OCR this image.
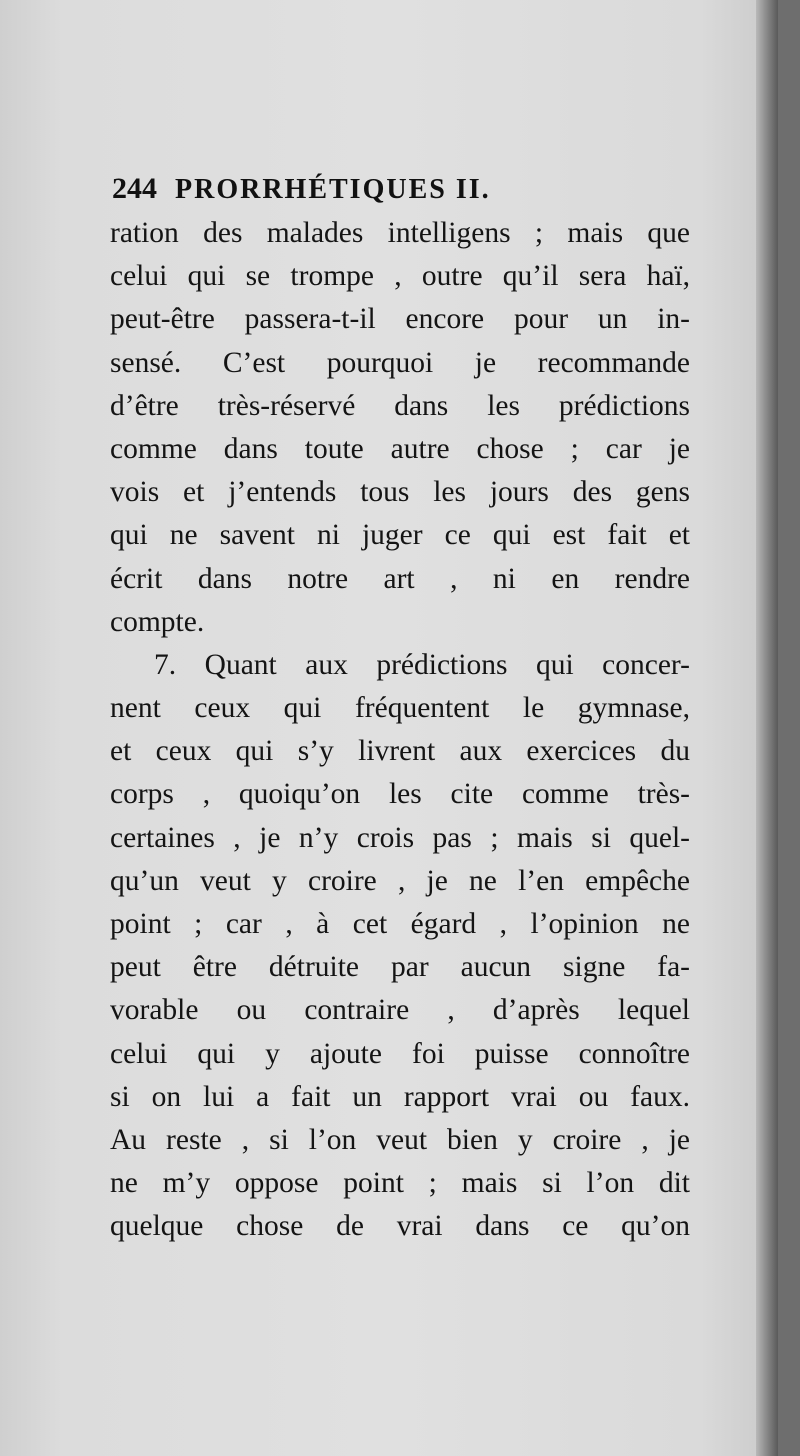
244 PRORRHÉTIQUES II.
ration des malades intelligens ; mais que
celui qui se trompe , outre qu’il sera haï,
peut-être passera-t-il encore pour un in-
sensé. C’est pourquoi je recommande
d’être très-réservé dans les prédictions
comme dans toute autre chose ; car je
vois et j’entends tous les jours des gens
qui ne savent ni juger ce qui est fait et
écrit dans notre art , ni en rendre
compte.
7. Quant aux prédictions qui concer-
nent ceux qui fréquentent le gymnase,
et ceux qui s’y livrent aux exercices du
corps , quoiqu’on les cite comme très-
certaines , je n’y crois pas ; mais si quel-
qu’un veut y croire , je ne l’en empêche
point ; car , à cet égard , l’opinion ne
peut être détruite par aucun signe fa-
vorable ou contraire , d’après lequel
celui qui y ajoute foi puisse connoître
si on lui a fait un rapport vrai ou faux.
Au reste , si l’on veut bien y croire , je
ne m’y oppose point ; mais si l’on dit
quelque chose de vrai dans ce qu’on
